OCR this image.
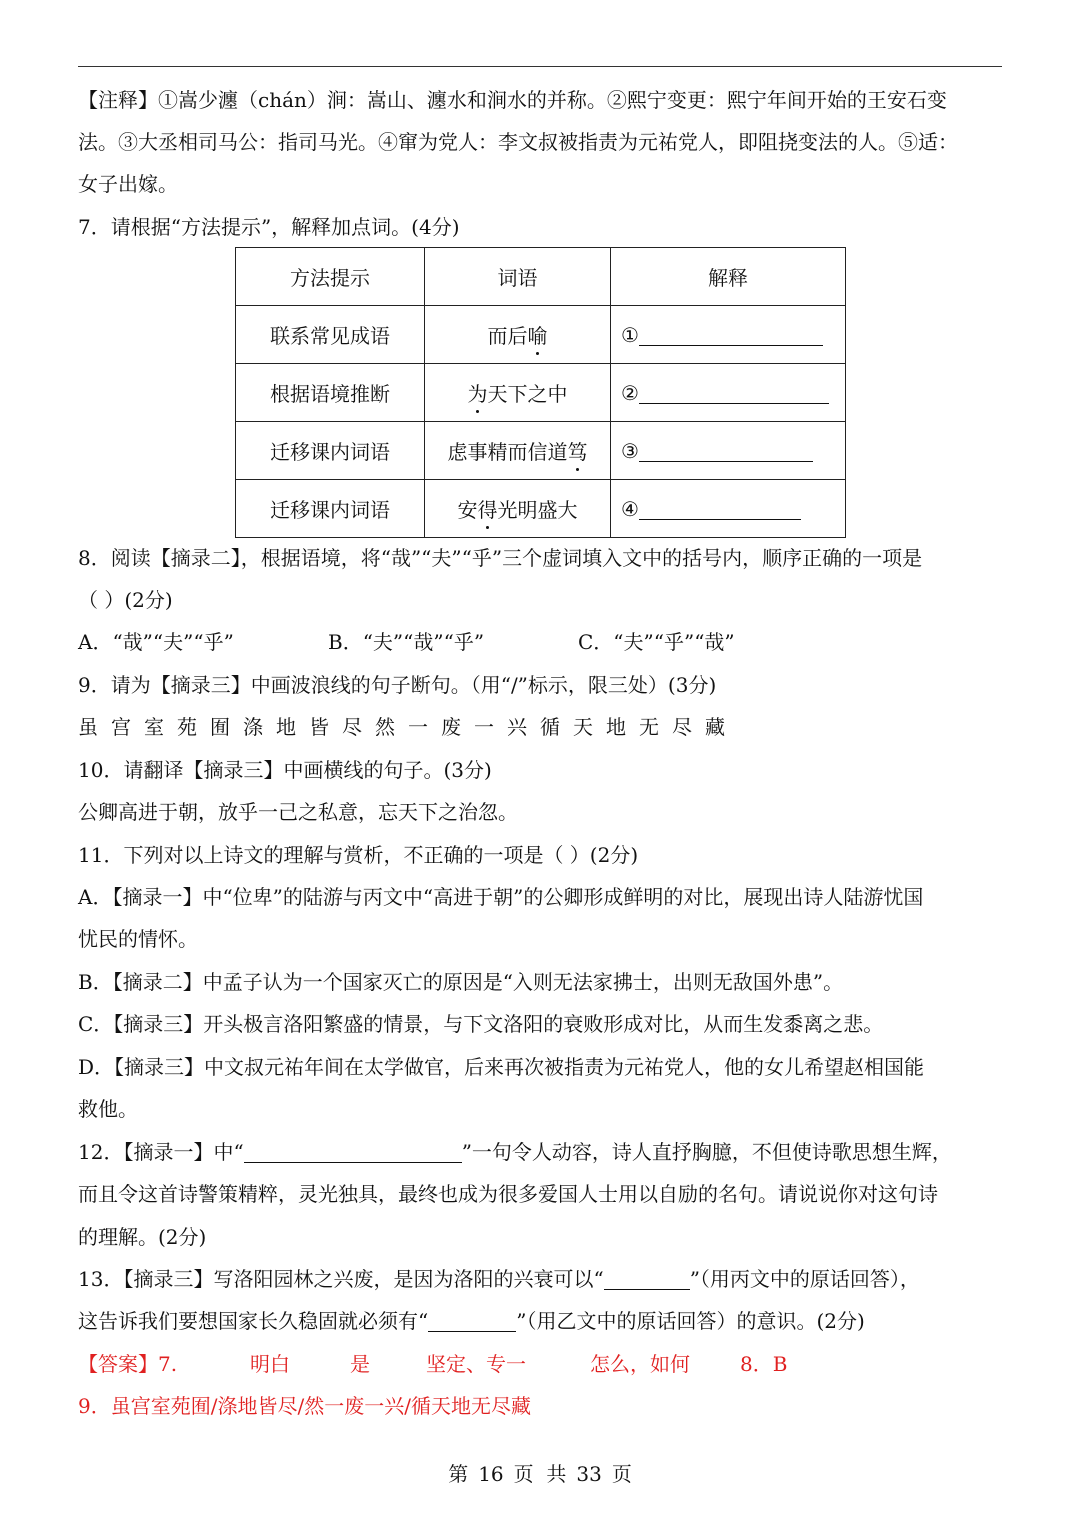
【注释】①嵩少瀍（chán）涧：嵩山、瀍水和涧水的并称。②熙宁变更：熙宁年间开始的王安石变
法。③大丞相司马公：指司马光。④窜为党人：李文叔被指责为元祐党人，即阻挠变法的人。⑤适：
女子出嫁。
7．请根据“方法提示”，解释加点词。(4分)
方法提示	词语	解释
联系常见成语	而后喻	①
根据语境推断	为天下之中	②
迁移课内词语	虑事精而信道笃	③
迁移课内词语	安得光明盛大	④
8．阅读【摘录二】，根据语境，将“哉”“夫”“乎”三个虚词填入文中的括号内，顺序正确的一项是
（ ）(2分)
A．“哉”“夫”“乎”	B．“夫”“哉”“乎”	C．“夫”“乎”“哉”
9．请为【摘录三】中画波浪线的句子断句。（用“/”标示，限三处）(3分)
虽 宫 室 苑 囿 涤 地 皆 尽 然 一 废 一 兴 循 天 地 无 尽 藏
10．请翻译【摘录三】中画横线的句子。(3分)
公卿高进于朝，放乎一己之私意，忘天下之治忽。
11．下列对以上诗文的理解与赏析，不正确的一项是（ ）(2分)
A．【摘录一】中“位卑”的陆游与丙文中“高进于朝”的公卿形成鲜明的对比，展现出诗人陆游忧国
忧民的情怀。
B．【摘录二】中孟子认为一个国家灭亡的原因是“入则无法家拂士，出则无敌国外患”。
C．【摘录三】开头极言洛阳繁盛的情景，与下文洛阳的衰败形成对比，从而生发黍离之悲。
D．【摘录三】中文叔元祐年间在太学做官，后来再次被指责为元祐党人，他的女儿希望赵相国能
救他。
12．【摘录一】中“	”一句令人动容，诗人直抒胸臆，不但使诗歌思想生辉，
而且令这首诗警策精粹，灵光独具，最终也成为很多爱国人士用以自励的名句。请说说你对这句诗
的理解。(2分)
13．【摘录三】写洛阳园林之兴废，是因为洛阳的兴衰可以“	”（用丙文中的原话回答），
这告诉我们要想国家长久稳固就必须有“	”（用乙文中的原话回答）的意识。(2分)
【答案】7.	明白	是	坚定、专一	怎么，如何	8．B
9．虽宫室苑囿/涤地皆尽/然一废一兴/循天地无尽藏
第 16 页  共 33 页
